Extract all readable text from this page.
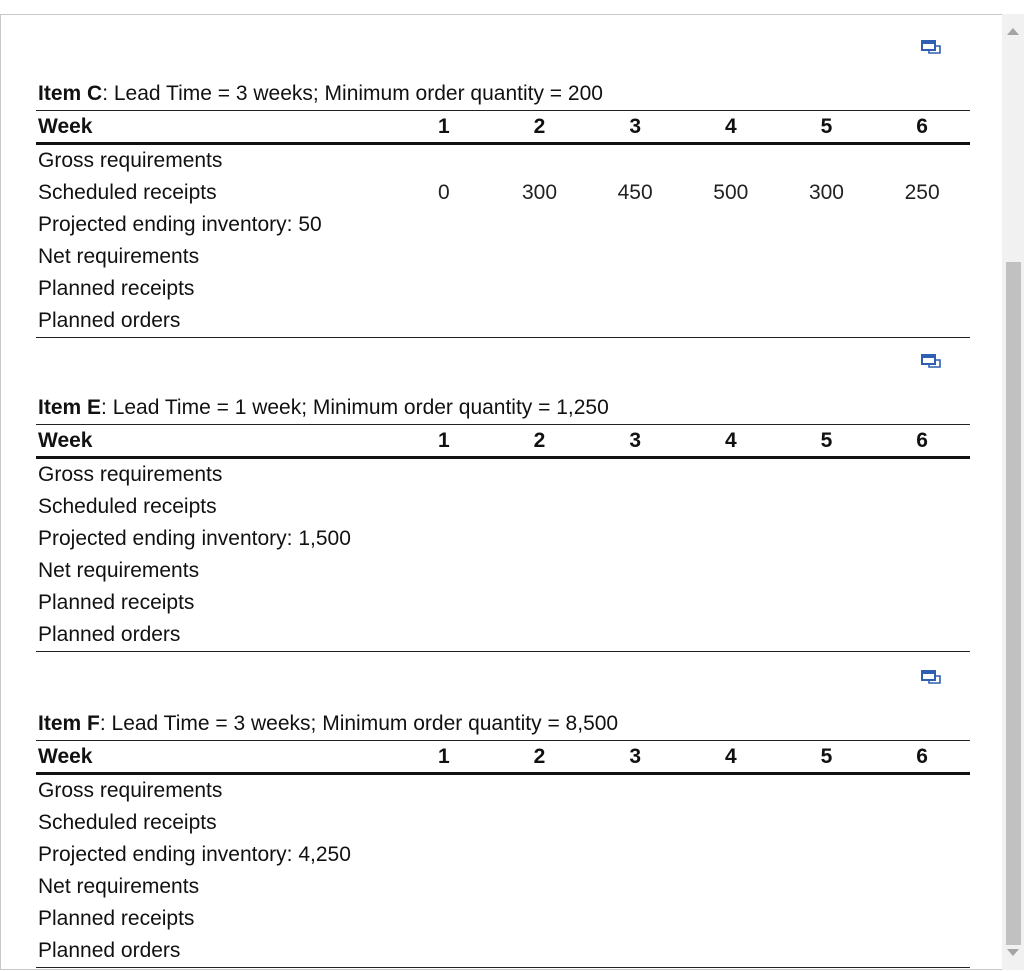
Item C: Lead Time = 3 weeks; Minimum order quantity = 200
Week	1	2	3	4	5	6
Gross requirements						
Scheduled receipts	0	300	450	500	300	250
Projected ending inventory: 50						
Net requirements						
Planned receipts						
Planned orders						
Item E: Lead Time = 1 week; Minimum order quantity = 1,250
Week	1	2	3	4	5	6
Gross requirements						
Scheduled receipts						
Projected ending inventory: 1,500						
Net requirements						
Planned receipts						
Planned orders						
Item F: Lead Time = 3 weeks; Minimum order quantity = 8,500
Week	1	2	3	4	5	6
Gross requirements						
Scheduled receipts						
Projected ending inventory: 4,250						
Net requirements						
Planned receipts						
Planned orders						
